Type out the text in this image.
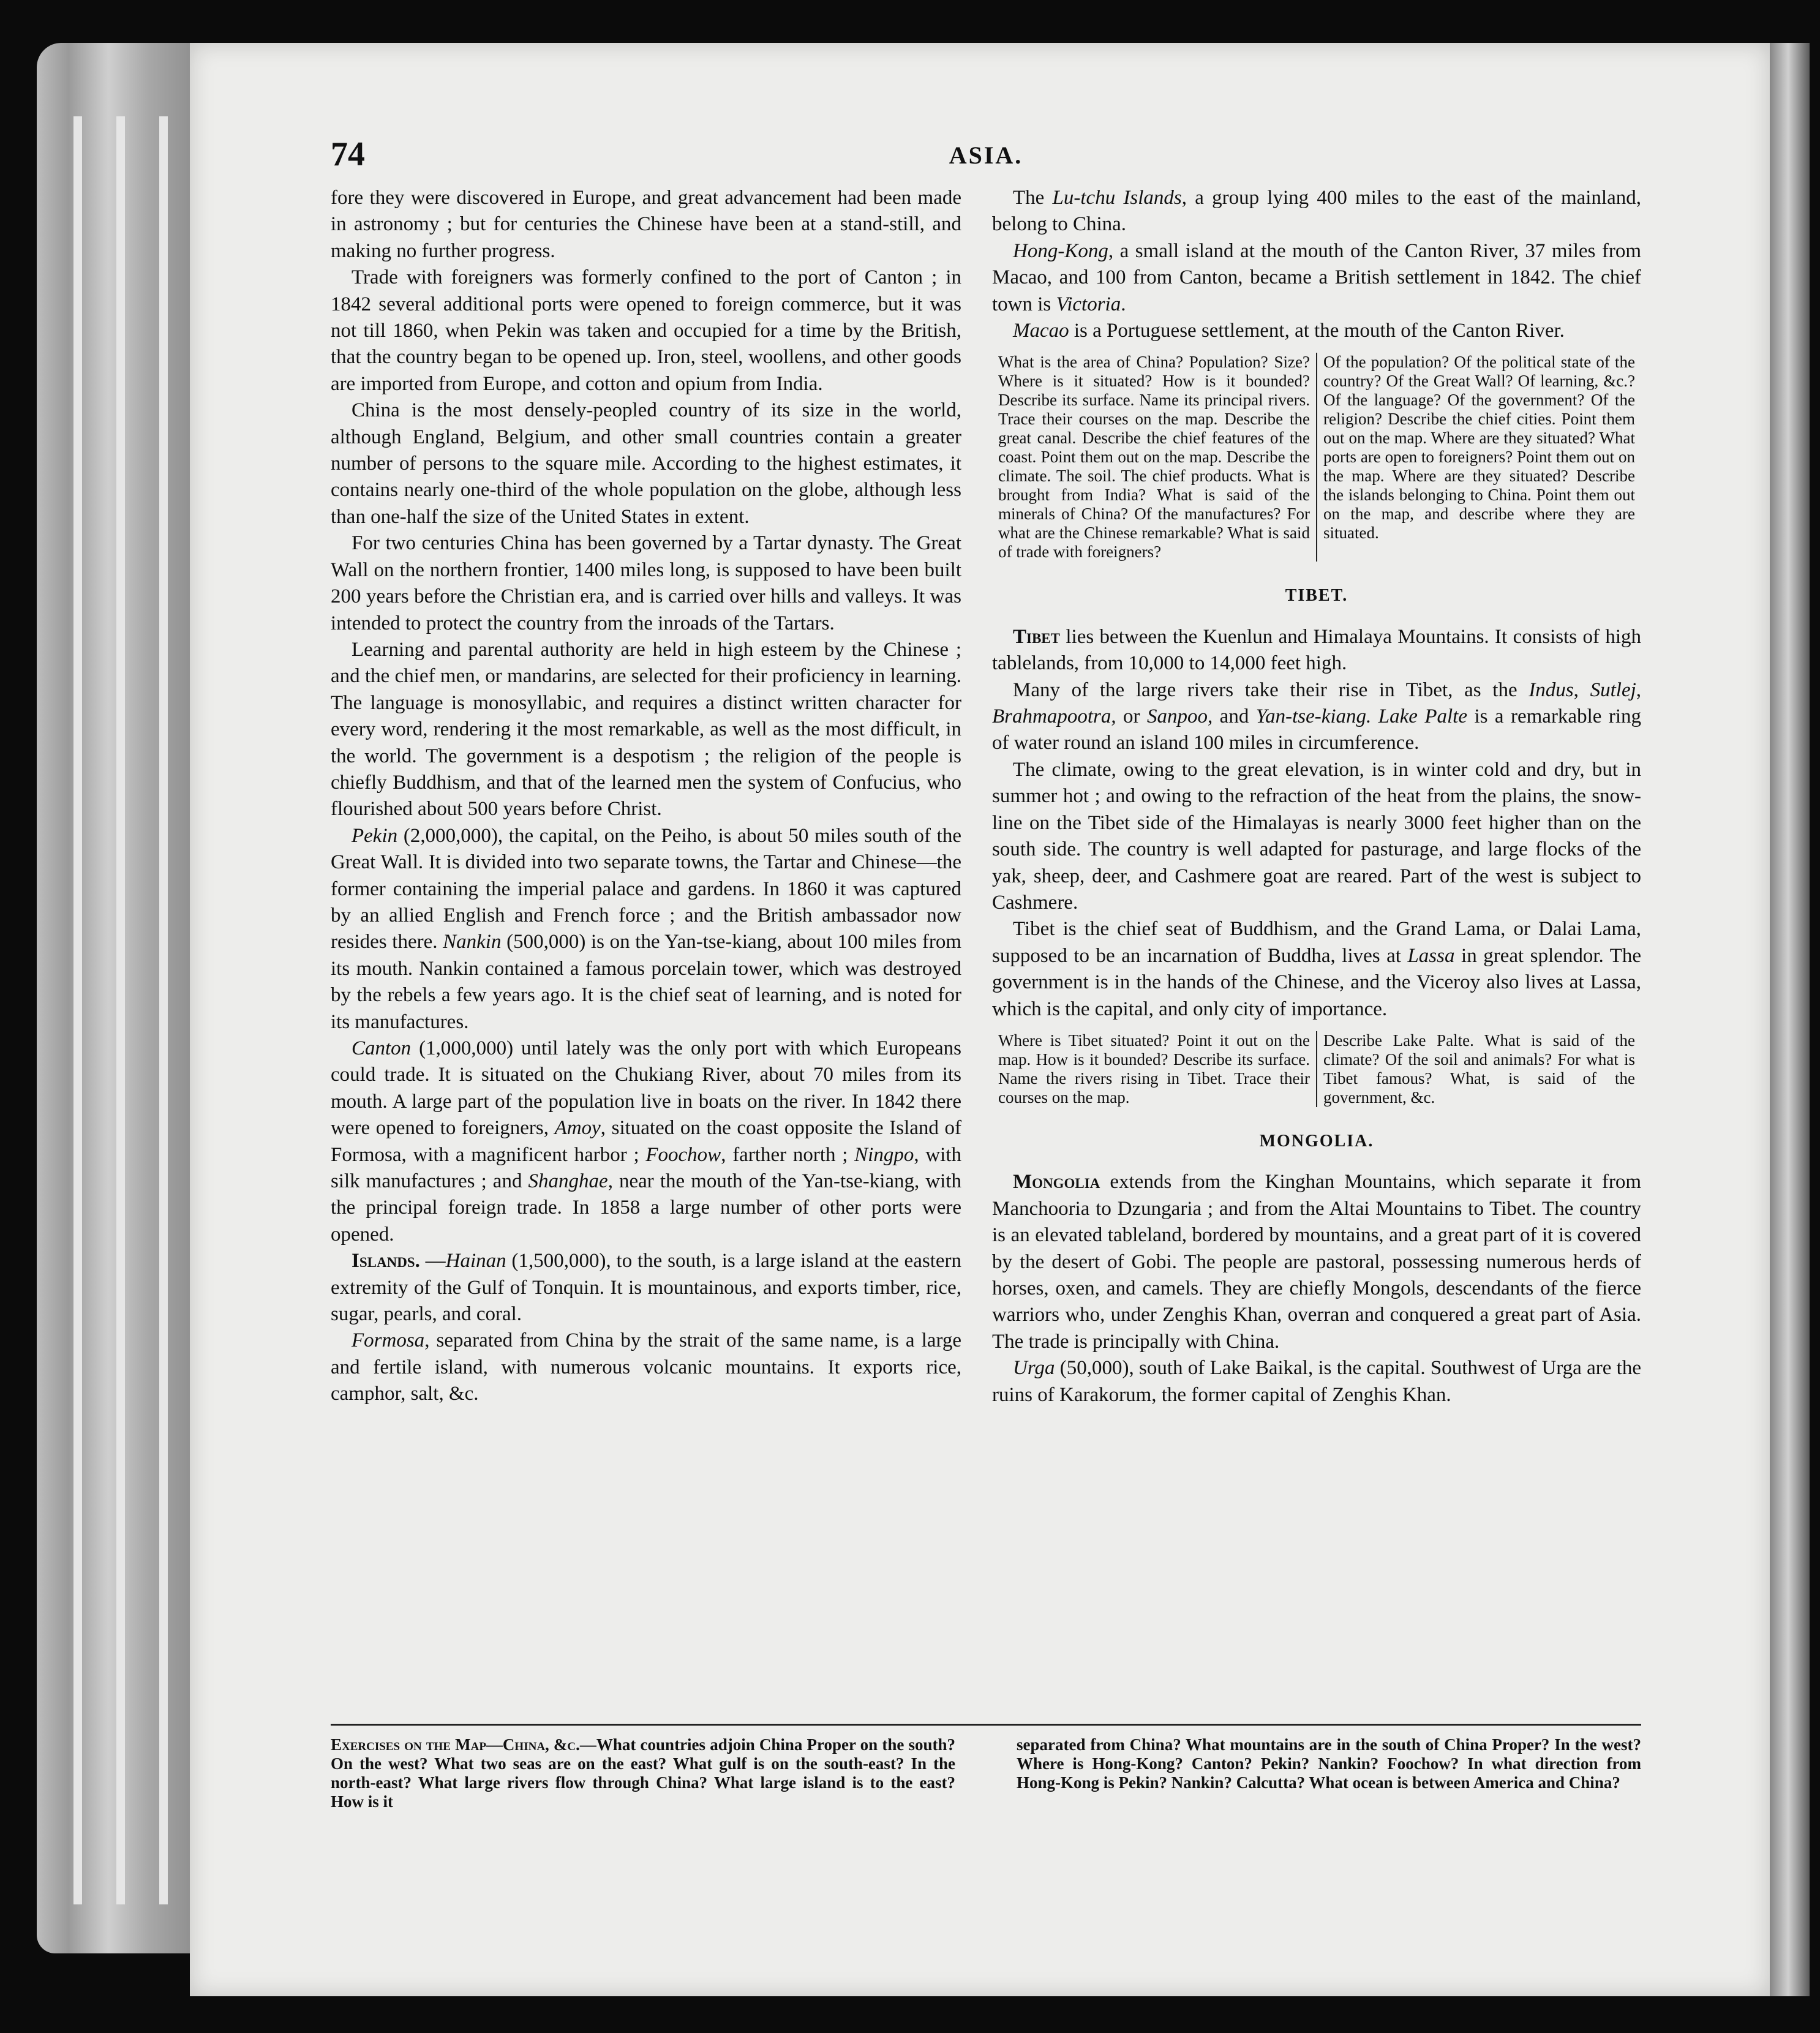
74	ASIA.

fore they were discovered in Europe, and great advancement had been made in astronomy ; but for centuries the Chinese have been at a stand-still, and making no further progress.

Trade with foreigners was formerly confined to the port of Canton ; in 1842 several additional ports were opened to foreign commerce, but it was not till 1860, when Pekin was taken and occupied for a time by the British, that the country began to be opened up. Iron, steel, woollens, and other goods are imported from Europe, and cotton and opium from India.

China is the most densely-peopled country of its size in the world, although England, Belgium, and other small countries contain a greater number of persons to the square mile. According to the highest estimates, it contains nearly one-third of the whole population on the globe, although less than one-half the size of the United States in extent.

For two centuries China has been governed by a Tartar dynasty. The Great Wall on the northern frontier, 1400 miles long, is supposed to have been built 200 years before the Christian era, and is carried over hills and valleys. It was intended to protect the country from the inroads of the Tartars.

Learning and parental authority are held in high esteem by the Chinese ; and the chief men, or mandarins, are selected for their proficiency in learning. The language is monosyllabic, and requires a distinct written character for every word, rendering it the most remarkable, as well as the most difficult, in the world. The government is a despotism ; the religion of the people is chiefly Buddhism, and that of the learned men the system of Confucius, who flourished about 500 years before Christ.

Pekin (2,000,000), the capital, on the Peiho, is about 50 miles south of the Great Wall. It is divided into two separate towns, the Tartar and Chinese—the former containing the imperial palace and gardens. In 1860 it was captured by an allied English and French force ; and the British ambassador now resides there. Nankin (500,000) is on the Yan-tse-kiang, about 100 miles from its mouth. Nankin contained a famous porcelain tower, which was destroyed by the rebels a few years ago. It is the chief seat of learning, and is noted for its manufactures.

Canton (1,000,000) until lately was the only port with which Europeans could trade. It is situated on the Chukiang River, about 70 miles from its mouth. A large part of the population live in boats on the river. In 1842 there were opened to foreigners, Amoy, situated on the coast opposite the Island of Formosa, with a magnificent harbor ; Foochow, farther north ; Ningpo, with silk manufactures ; and Shanghae, near the mouth of the Yan-tse-kiang, with the principal foreign trade. In 1858 a large number of other ports were opened.

Islands. —Hainan (1,500,000), to the south, is a large island at the eastern extremity of the Gulf of Tonquin. It is mountainous, and exports timber, rice, sugar, pearls, and coral.

Formosa, separated from China by the strait of the same name, is a large and fertile island, with numerous volcanic mountains. It exports rice, camphor, salt, &c.

The Lu-tchu Islands, a group lying 400 miles to the east of the mainland, belong to China.

Hong-Kong, a small island at the mouth of the Canton River, 37 miles from Macao, and 100 from Canton, became a British settlement in 1842. The chief town is Victoria.

Macao is a Portuguese settlement, at the mouth of the Canton River.

What is the area of China? Population? Size? Where is it situated? How is it bounded? Describe its surface. Name its principal rivers. Trace their courses on the map. Describe the great canal. Describe the chief features of the coast. Point them out on the map. Describe the climate. The soil. The chief products. What is brought from India? What is said of the minerals of China? Of the manufactures? For what are the Chinese remarkable? What is said of trade with foreigners?
Of the population? Of the political state of the country? Of the Great Wall? Of learning, &c.? Of the language? Of the government? Of the religion? Describe the chief cities. Point them out on the map. Where are they situated? What ports are open to foreigners? Point them out on the map. Where are they situated? Describe the islands belonging to China. Point them out on the map, and describe where they are situated.
TIBET.

Tibet lies between the Kuenlun and Himalaya Mountains. It consists of high tablelands, from 10,000 to 14,000 feet high.

Many of the large rivers take their rise in Tibet, as the Indus, Sutlej, Brahmapootra, or Sanpoo, and Yan-tse-kiang. Lake Palte is a remarkable ring of water round an island 100 miles in circumference.

The climate, owing to the great elevation, is in winter cold and dry, but in summer hot ; and owing to the refraction of the heat from the plains, the snow-line on the Tibet side of the Himalayas is nearly 3000 feet higher than on the south side. The country is well adapted for pasturage, and large flocks of the yak, sheep, deer, and Cashmere goat are reared. Part of the west is subject to Cashmere.

Tibet is the chief seat of Buddhism, and the Grand Lama, or Dalai Lama, supposed to be an incarnation of Buddha, lives at Lassa in great splendor. The government is in the hands of the Chinese, and the Viceroy also lives at Lassa, which is the capital, and only city of importance.

Where is Tibet situated? Point it out on the map. How is it bounded? Describe its surface. Name the rivers rising in Tibet. Trace their courses on the map.
Describe Lake Palte. What is said of the climate? Of the soil and animals? For what is Tibet famous? What, is said of the government, &c.
MONGOLIA.

Mongolia extends from the Kinghan Mountains, which separate it from Manchooria to Dzungaria ; and from the Altai Mountains to Tibet. The country is an elevated tableland, bordered by mountains, and a great part of it is covered by the desert of Gobi. The people are pastoral, possessing numerous herds of horses, oxen, and camels. They are chiefly Mongols, descendants of the fierce warriors who, under Zenghis Khan, overran and conquered a great part of Asia. The trade is principally with China.

Urga (50,000), south of Lake Baikal, is the capital. Southwest of Urga are the ruins of Karakorum, the former capital of Zenghis Khan.

Exercises on the Map—China, &c.—What countries adjoin China Proper on the south? On the west? What two seas are on the east? What gulf is on the south-east? In the north-east? What large rivers flow through China? What large island is to the east? How is it
separated from China? What mountains are in the south of China Proper? In the west? Where is Hong-Kong? Canton? Pekin? Nankin? Foochow? In what direction from Hong-Kong is Pekin? Nankin? Calcutta? What ocean is between America and China?
